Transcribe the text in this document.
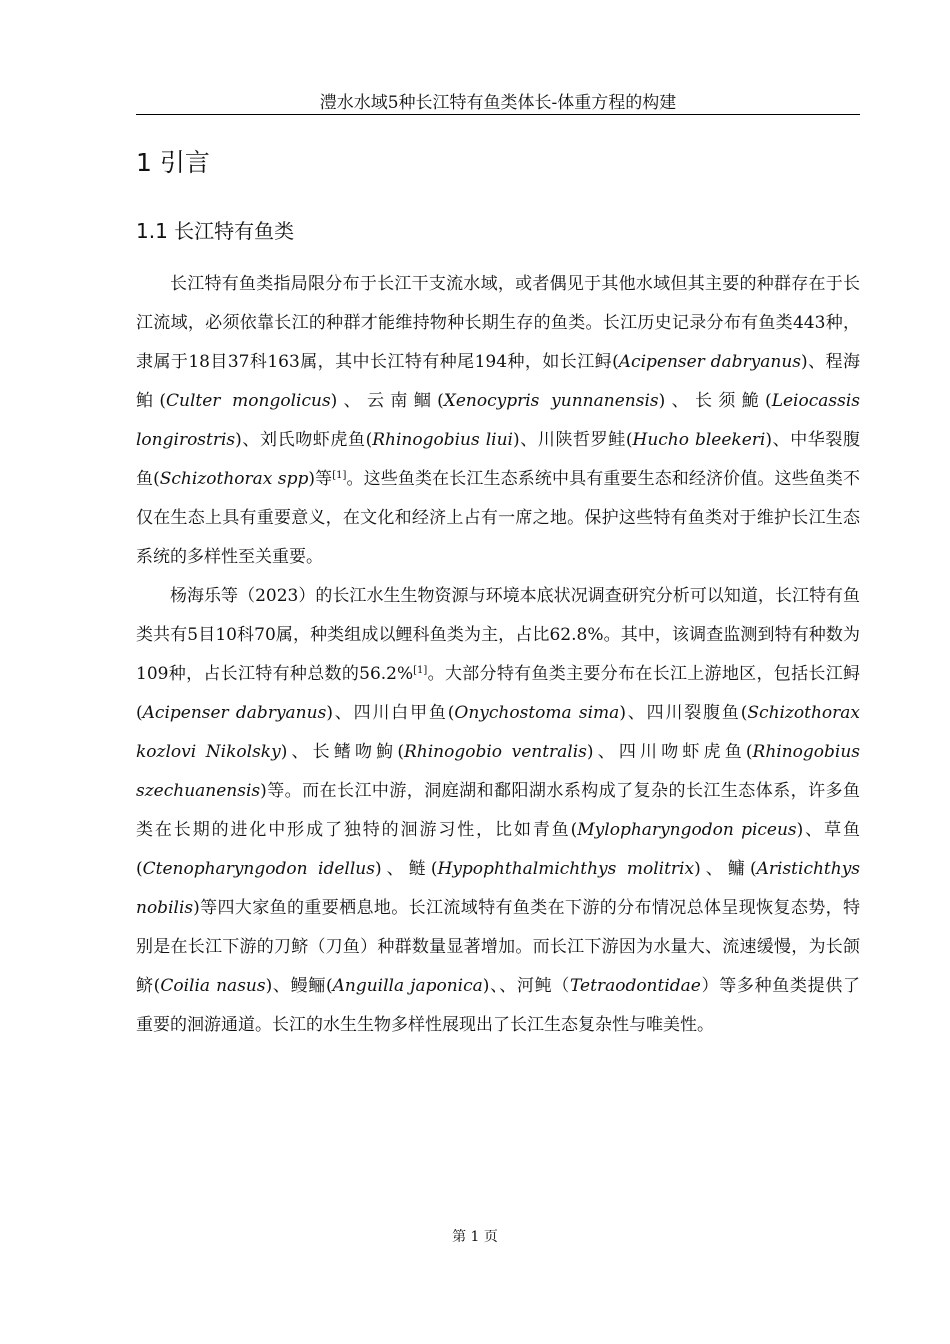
澧水水域5种长江特有鱼类体长-体重方程的构建
1 引言
1.1 长江特有鱼类

长江特有鱼类指局限分布于长江干支流水域，或者偶见于其他水域但其主要的种群存在于长江流域，必须依靠长江的种群才能维持物种长期生存的鱼类。长江历史记录分布有鱼类443种，隶属于18目37科163属，其中长江特有种尾194种，如长江鲟(Acipenser dabryanus)、程海鲌(Culter mongolicus)、云南鲴(Xenocypris yunnanensis)、长须鮠(Leiocassis longirostris)、刘氏吻虾虎鱼(Rhinogobius liui)、川陕哲罗鲑(Hucho bleekeri)、中华裂腹鱼(Schizothorax spp)等[1]。这些鱼类在长江生态系统中具有重要生态和经济价值。这些鱼类不仅在生态上具有重要意义，在文化和经济上占有一席之地。保护这些特有鱼类对于维护长江生态系统的多样性至关重要。

杨海乐等（2023）的长江水生生物资源与环境本底状况调查研究分析可以知道，长江特有鱼类共有5目10科70属，种类组成以鲤科鱼类为主，占比62.8%。其中，该调查监测到特有种数为109种，占长江特有种总数的56.2%[1]。大部分特有鱼类主要分布在长江上游地区，包括长江鲟(Acipenser dabryanus)、四川白甲鱼(Onychostoma sima)、四川裂腹鱼(Schizothorax kozlovi Nikolsky)、长鳍吻鮈(Rhinogobio ventralis)、四川吻虾虎鱼(Rhinogobius szechuanensis)等。而在长江中游，洞庭湖和鄱阳湖水系构成了复杂的长江生态体系，许多鱼类在长期的进化中形成了独特的洄游习性，比如青鱼(Mylopharyngodon piceus)、草鱼(Ctenopharyngodon idellus)、鲢(Hypophthalmichthys molitrix)、鳙(Aristichthys nobilis)等四大家鱼的重要栖息地。长江流域特有鱼类在下游的分布情况总体呈现恢复态势，特别是在长江下游的刀鲚（刀鱼）种群数量显著增加。而长江下游因为水量大、流速缓慢，为长颌鲚(Coilia nasus)、鳗鲡(Anguilla japonica)、、河鲀（Tetraodontidae）等多种鱼类提供了重要的洄游通道。长江的水生生物多样性展现出了长江生态复杂性与唯美性。

第 1 页
